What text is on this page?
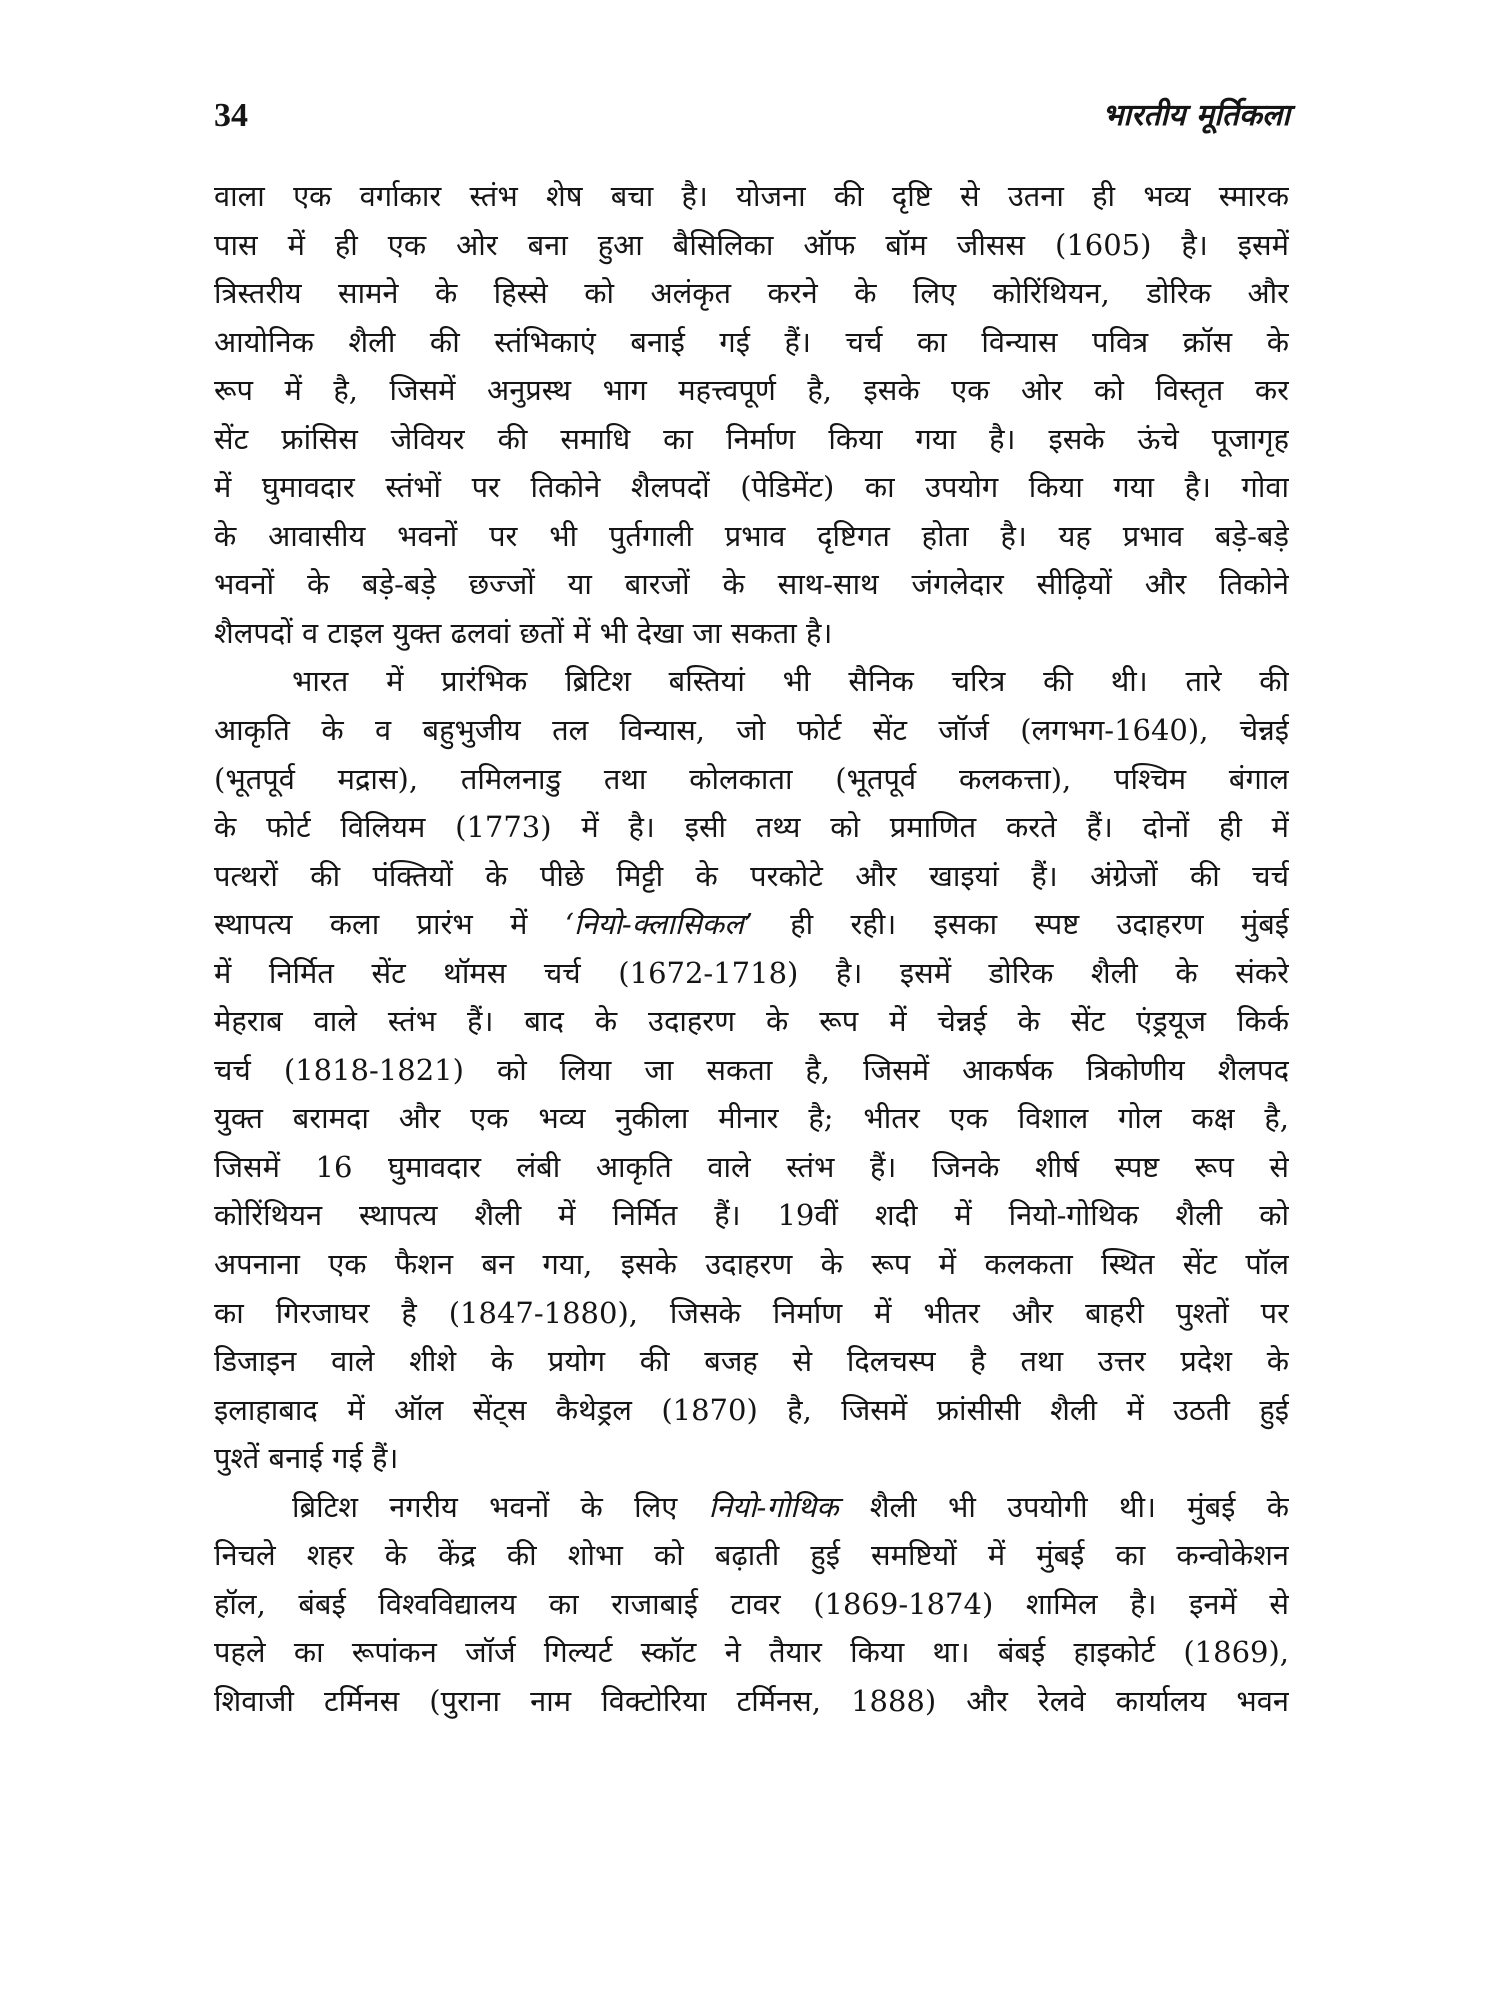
34	भारतीय मूर्तिकला
वाला एक वर्गाकार स्तंभ शेष बचा है। योजना की दृष्टि से उतना ही भव्य स्मारक
पास में ही एक ओर बना हुआ बैसिलिका ऑफ बॉम जीसस (1605) है। इसमें
त्रिस्तरीय सामने के हिस्से को अलंकृत करने के लिए कोरिंथियन, डोरिक और
आयोनिक शैली की स्तंभिकाएं बनाई गई हैं। चर्च का विन्यास पवित्र क्रॉस के
रूप में है, जिसमें अनुप्रस्थ भाग महत्त्वपूर्ण है, इसके एक ओर को विस्तृत कर
सेंट फ्रांसिस जेवियर की समाधि का निर्माण किया गया है। इसके ऊंचे पूजागृह
में घुमावदार स्तंभों पर तिकोने शैलपदों (पेडिमेंट) का उपयोग किया गया है। गोवा
के आवासीय भवनों पर भी पुर्तगाली प्रभाव दृष्टिगत होता है। यह प्रभाव बड़े-बड़े
भवनों के बड़े-बड़े छज्जों या बारजों के साथ-साथ जंगलेदार सीढ़ियों और तिकोने
शैलपदों व टाइल युक्त ढलवां छतों में भी देखा जा सकता है।
भारत में प्रारंभिक ब्रिटिश बस्तियां भी सैनिक चरित्र की थी। तारे की
आकृति के व बहुभुजीय तल विन्यास, जो फोर्ट सेंट जॉर्ज (लगभग-1640), चेन्नई
(भूतपूर्व मद्रास), तमिलनाडु तथा कोलकाता (भूतपूर्व कलकत्ता), पश्चिम बंगाल
के फोर्ट विलियम (1773) में है। इसी तथ्य को प्रमाणित करते हैं। दोनों ही में
पत्थरों की पंक्तियों के पीछे मिट्टी के परकोटे और खाइयां हैं। अंग्रेजों की चर्च
स्थापत्य कला प्रारंभ में ‘नियो-क्लासिकल’ ही रही। इसका स्पष्ट उदाहरण मुंबई
में निर्मित सेंट थॉमस चर्च (1672-1718) है। इसमें डोरिक शैली के संकरे
मेहराब वाले स्तंभ हैं। बाद के उदाहरण के रूप में चेन्नई के सेंट एंड्रयूज किर्क
चर्च (1818-1821) को लिया जा सकता है, जिसमें आकर्षक त्रिकोणीय शैलपद
युक्त बरामदा और एक भव्य नुकीला मीनार है; भीतर एक विशाल गोल कक्ष है,
जिसमें 16 घुमावदार लंबी आकृति वाले स्तंभ हैं। जिनके शीर्ष स्पष्ट रूप से
कोरिंथियन स्थापत्य शैली में निर्मित हैं। 19वीं शदी में नियो-गोथिक शैली को
अपनाना एक फैशन बन गया, इसके उदाहरण के रूप में कलकता स्थित सेंट पॉल
का गिरजाघर है (1847-1880), जिसके निर्माण में भीतर और बाहरी पुश्तों पर
डिजाइन वाले शीशे के प्रयोग की बजह से दिलचस्प है तथा उत्तर प्रदेश के
इलाहाबाद में ऑल सेंट्स कैथेड्रल (1870) है, जिसमें फ्रांसीसी शैली में उठती हुई
पुश्तें बनाई गई हैं।
ब्रिटिश नगरीय भवनों के लिए नियो-गोथिक शैली भी उपयोगी थी। मुंबई के
निचले शहर के केंद्र की शोभा को बढ़ाती हुई समष्टियों में मुंबई का कन्वोकेशन
हॉल, बंबई विश्वविद्यालय का राजाबाई टावर (1869-1874) शामिल है। इनमें से
पहले का रूपांकन जॉर्ज गिल्यर्ट स्कॉट ने तैयार किया था। बंबई हाइकोर्ट (1869),
शिवाजी टर्मिनस (पुराना नाम विक्टोरिया टर्मिनस, 1888) और रेलवे कार्यालय भवन
